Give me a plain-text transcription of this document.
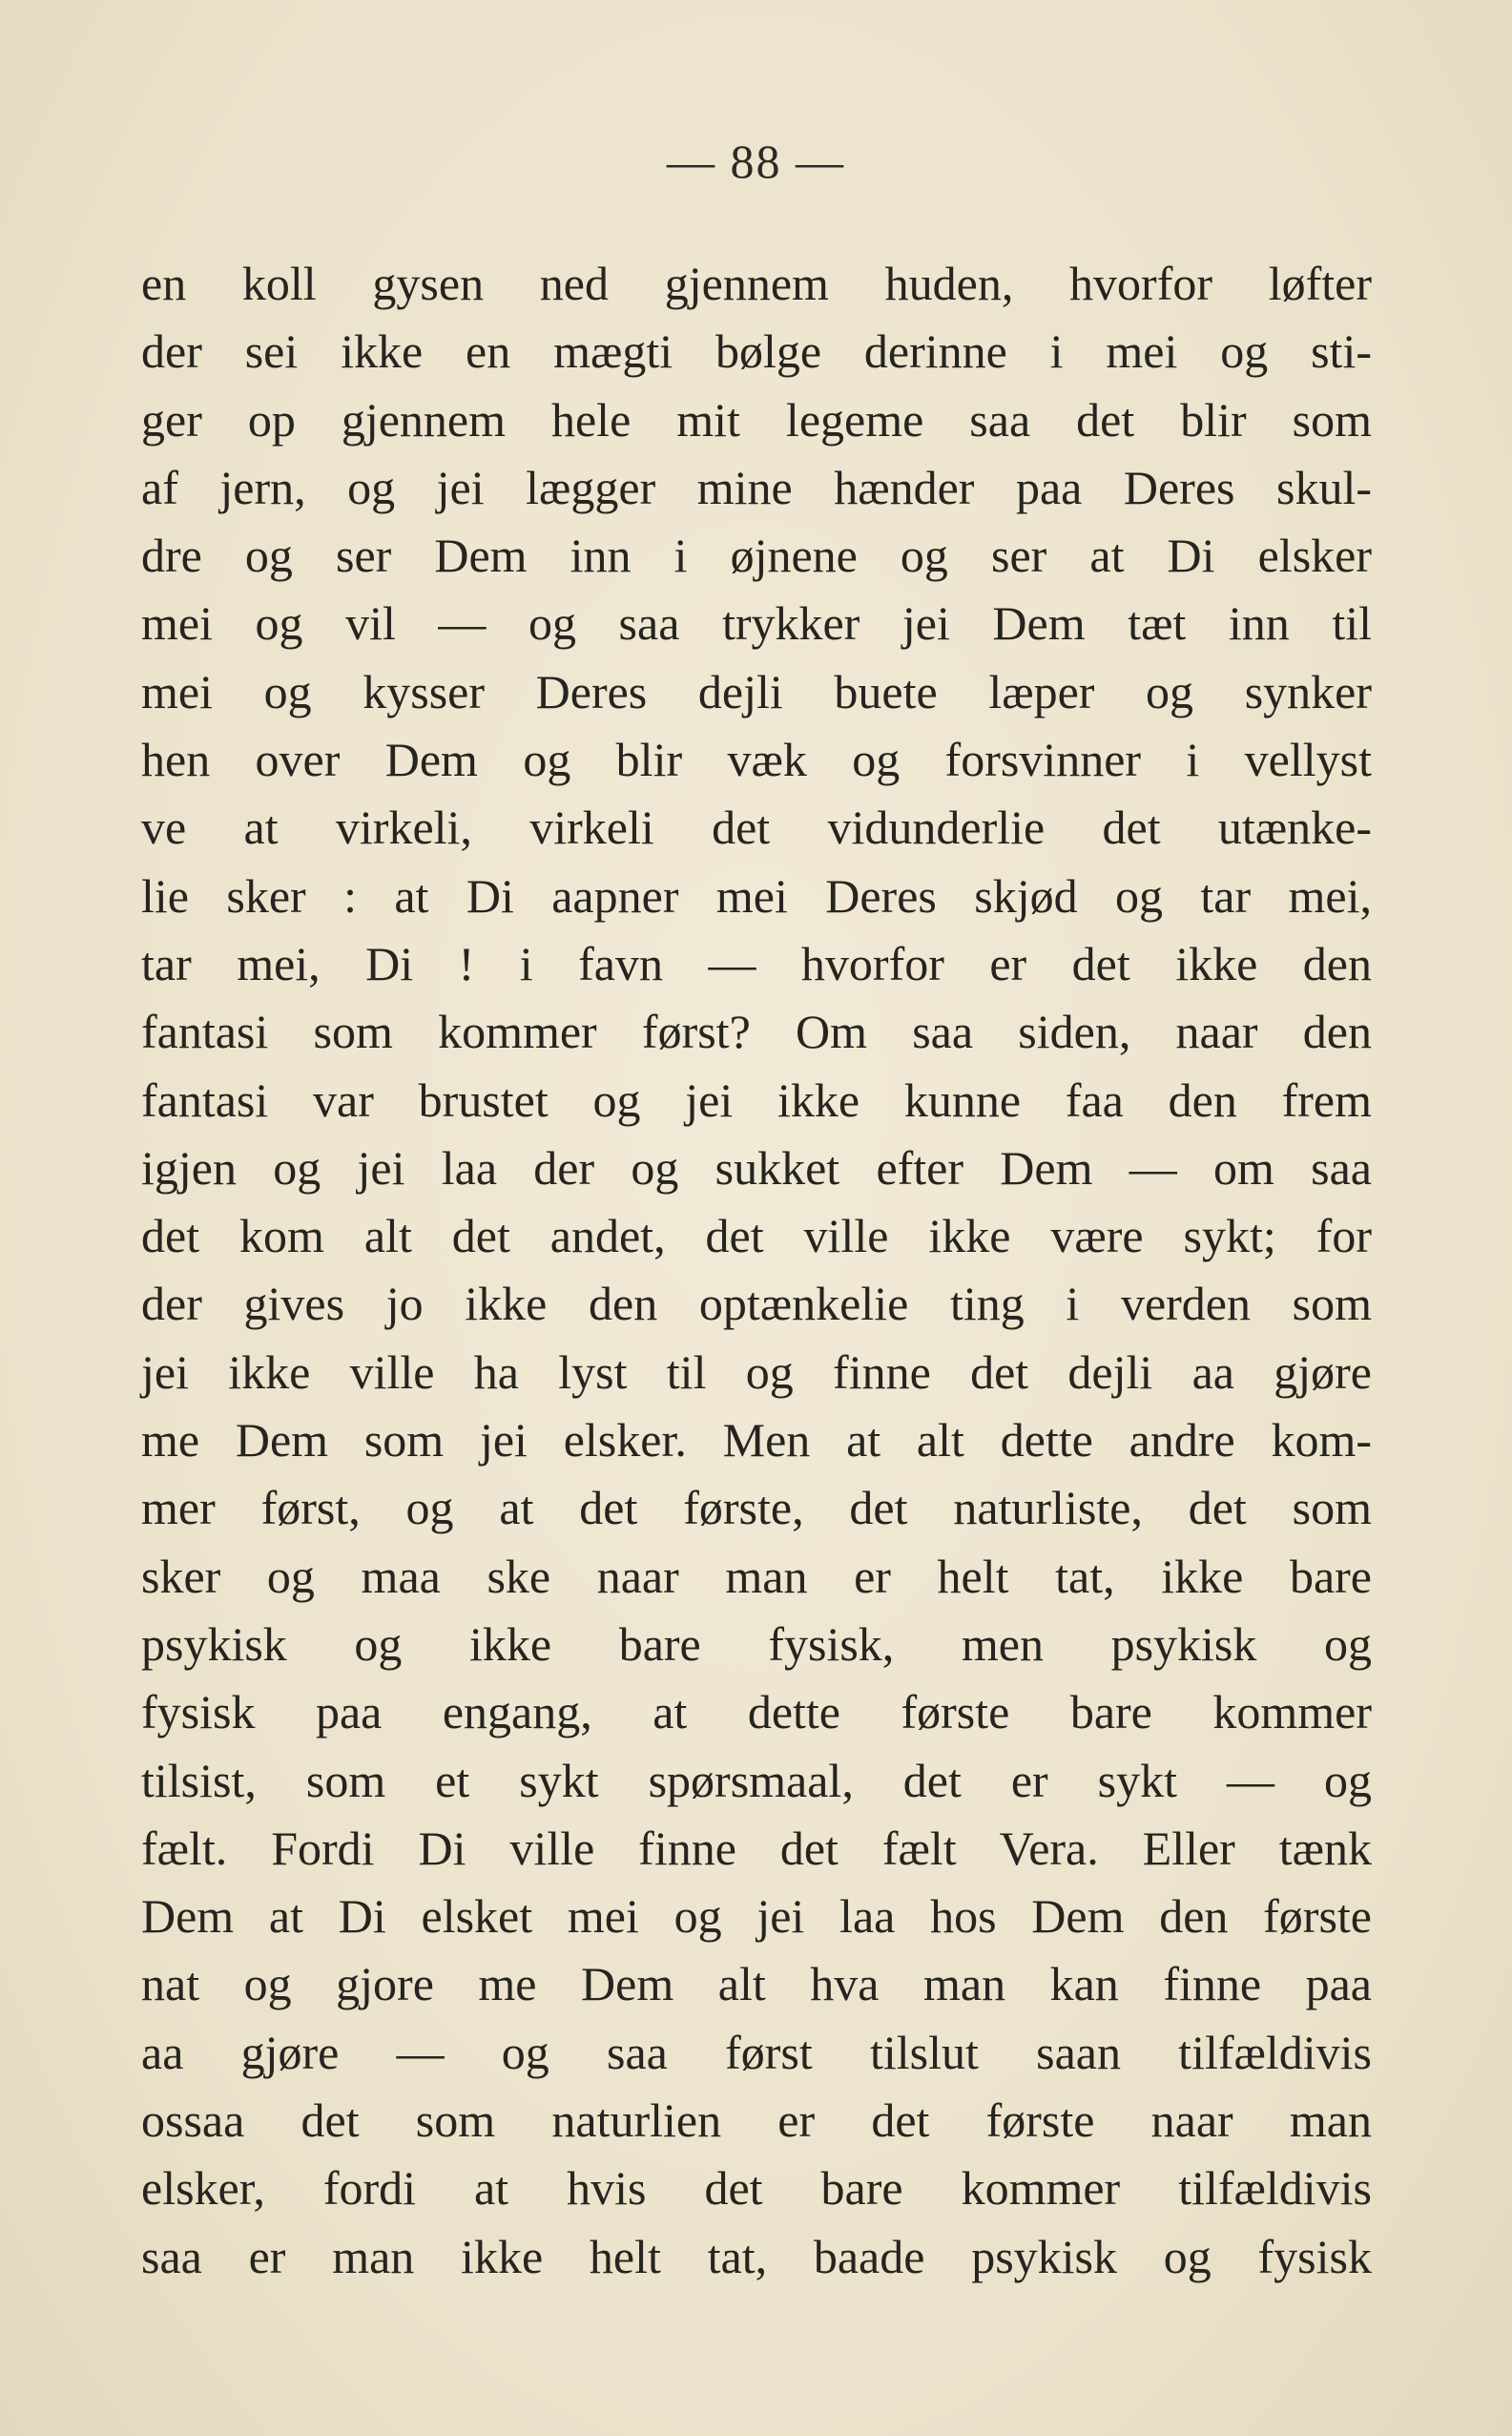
— 88 —
en koll gysen ned gjennem huden, hvorfor løfter
der sei ikke en mægti bølge derinne i mei og sti-
ger op gjennem hele mit legeme saa det blir som
af jern, og jei lægger mine hænder paa Deres skul-
dre og ser Dem inn i øjnene og ser at Di elsker
mei og vil — og saa trykker jei Dem tæt inn til
mei og kysser Deres dejli buete læper og synker
hen over Dem og blir væk og forsvinner i vellyst
ve at virkeli, virkeli det vidunderlie det utænke-
lie sker : at Di aapner mei Deres skjød og tar mei,
tar mei, Di ! i favn — hvorfor er det ikke den
fantasi som kommer først? Om saa siden, naar den
fantasi var brustet og jei ikke kunne faa den frem
igjen og jei laa der og sukket efter Dem — om saa
det kom alt det andet, det ville ikke være sykt; for
der gives jo ikke den optænkelie ting i verden som
jei ikke ville ha lyst til og finne det dejli aa gjøre
me Dem som jei elsker. Men at alt dette andre kom-
mer først, og at det første, det naturliste, det som
sker og maa ske naar man er helt tat, ikke bare
psykisk og ikke bare fysisk, men psykisk og
fysisk paa engang, at dette første bare kommer
tilsist, som et sykt spørsmaal, det er sykt — og
fælt. Fordi Di ville finne det fælt Vera. Eller tænk
Dem at Di elsket mei og jei laa hos Dem den første
nat og gjore me Dem alt hva man kan finne paa
aa gjøre — og saa først tilslut saan tilfældivis
ossaa det som naturlien er det første naar man
elsker, fordi at hvis det bare kommer tilfældivis
saa er man ikke helt tat, baade psykisk og fysisk
